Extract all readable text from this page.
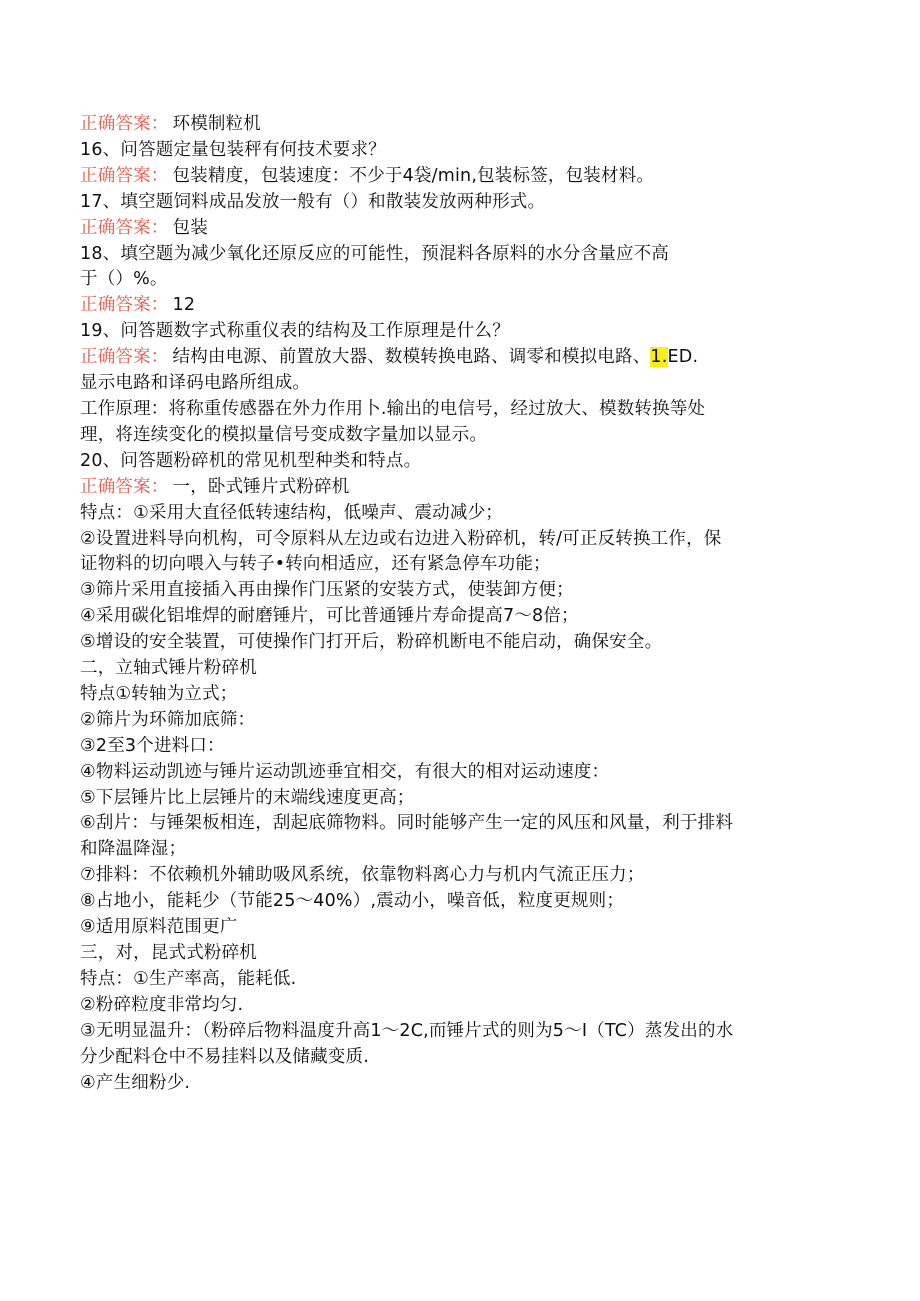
正确答案： 环模制粒机
16、问答题定量包装秤有何技术要求？
正确答案： 包装精度，包装速度：不少于4袋/min,包装标签，包装材料。
17、填空题饲料成品发放一般有（）和散装发放两种形式。
正确答案： 包装
18、填空题为减少氧化还原反应的可能性，预混料各原料的水分含量应不高
于（）%。
正确答案： 12
19、问答题数字式称重仪表的结构及工作原理是什么？
正确答案： 结构由电源、前置放大器、数模转换电路、调零和模拟电路、1.ED.
显示电路和译码电路所组成。
工作原理：将称重传感器在外力作用卜.输出的电信号，经过放大、模数转换等处
理，将连续变化的模拟量信号变成数字量加以显示。
20、问答题粉碎机的常见机型种类和特点。
正确答案： 一，卧式锤片式粉碎机
特点：①采用大直径低转速结构，低噪声、震动减少；
②设置进料导向机构，可令原料从左边或右边进入粉碎机，转/可正反转换工作，保
证物料的切向喂入与转子•转向相适应，还有紧急停车功能；
③筛片采用直接插入再由操作门压紧的安装方式，使装卸方便；
④采用碳化铝堆焊的耐磨锤片，可比普通锤片寿命提高7～8倍；
⑤增设的安全装置，可使操作门打开后，粉碎机断电不能启动，确保安全。
二，立轴式锤片粉碎机
特点①转轴为立式；
②筛片为环筛加底筛：
③2至3个进料口：
④物料运动凯迹与锤片运动凯迹垂宜相交，有很大的相对运动速度：
⑤下层锤片比上层锤片的末端线速度更高；
⑥刮片：与锤架板相连，刮起底筛物料。同时能够产生一定的风压和风量，利于排料
和降温降湿；
⑦排料：不依赖机外辅助吸风系统，依靠物料离心力与机内气流正压力；
⑧占地小，能耗少（节能25～40%）,震动小，噪音低，粒度更规则；
⑨适用原料范围更广
三，对，昆式式粉碎机
特点：①生产率高，能耗低.
②粉碎粒度非常均匀.
③无明显温升：（粉碎后物料温度升高1～2C,而锤片式的则为5～I（TC）蒸发出的水
分少配料仓中不易挂料以及储藏变质.
④产生细粉少.
